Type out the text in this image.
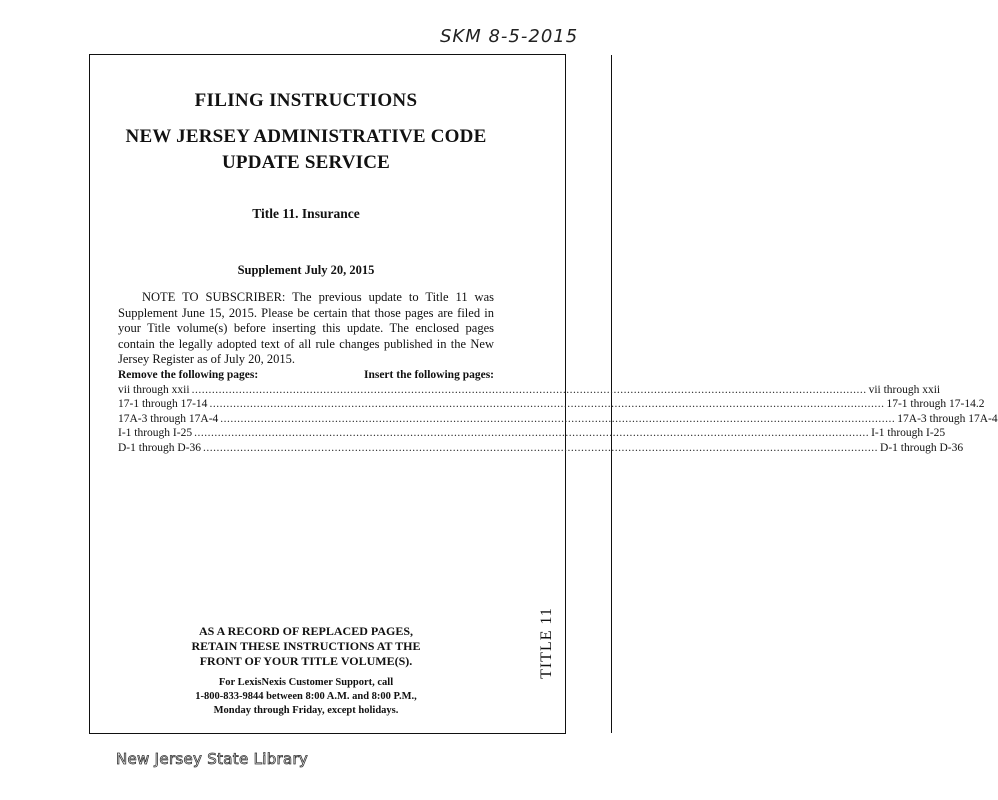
SKM 8-5-2015
TITLE 11
FILING INSTRUCTIONS
NEW JERSEY ADMINISTRATIVE CODE
UPDATE SERVICE
Title 11. Insurance
Supplement July 20, 2015
NOTE TO SUBSCRIBER: The previous update to Title 11 was Supplement June 15, 2015. Please be certain that those pages are filed in your Title volume(s) before inserting this update. The enclosed pages contain the legally adopted text of all rule changes published in the New Jersey Register as of July 20, 2015.
Remove the following pages:	Insert the following pages:
vii through xxii ........................................................................................................................................................................................................ vii through xxii
17-1 through 17-14 ........................................................................................................................................................................................................ 17-1 through 17-14.2
17A-3 through 17A-4 ........................................................................................................................................................................................................ 17A-3 through 17A-4
I-1 through I-25 ........................................................................................................................................................................................................ I-1 through I-25
D-1 through D-36 ........................................................................................................................................................................................................ D-1 through D-36
AS A RECORD OF REPLACED PAGES,
RETAIN THESE INSTRUCTIONS AT THE
FRONT OF YOUR TITLE VOLUME(S).
For LexisNexis Customer Support, call
1-800-833-9844 between 8:00 A.M. and 8:00 P.M.,
Monday through Friday, except holidays.
New Jersey State Library
